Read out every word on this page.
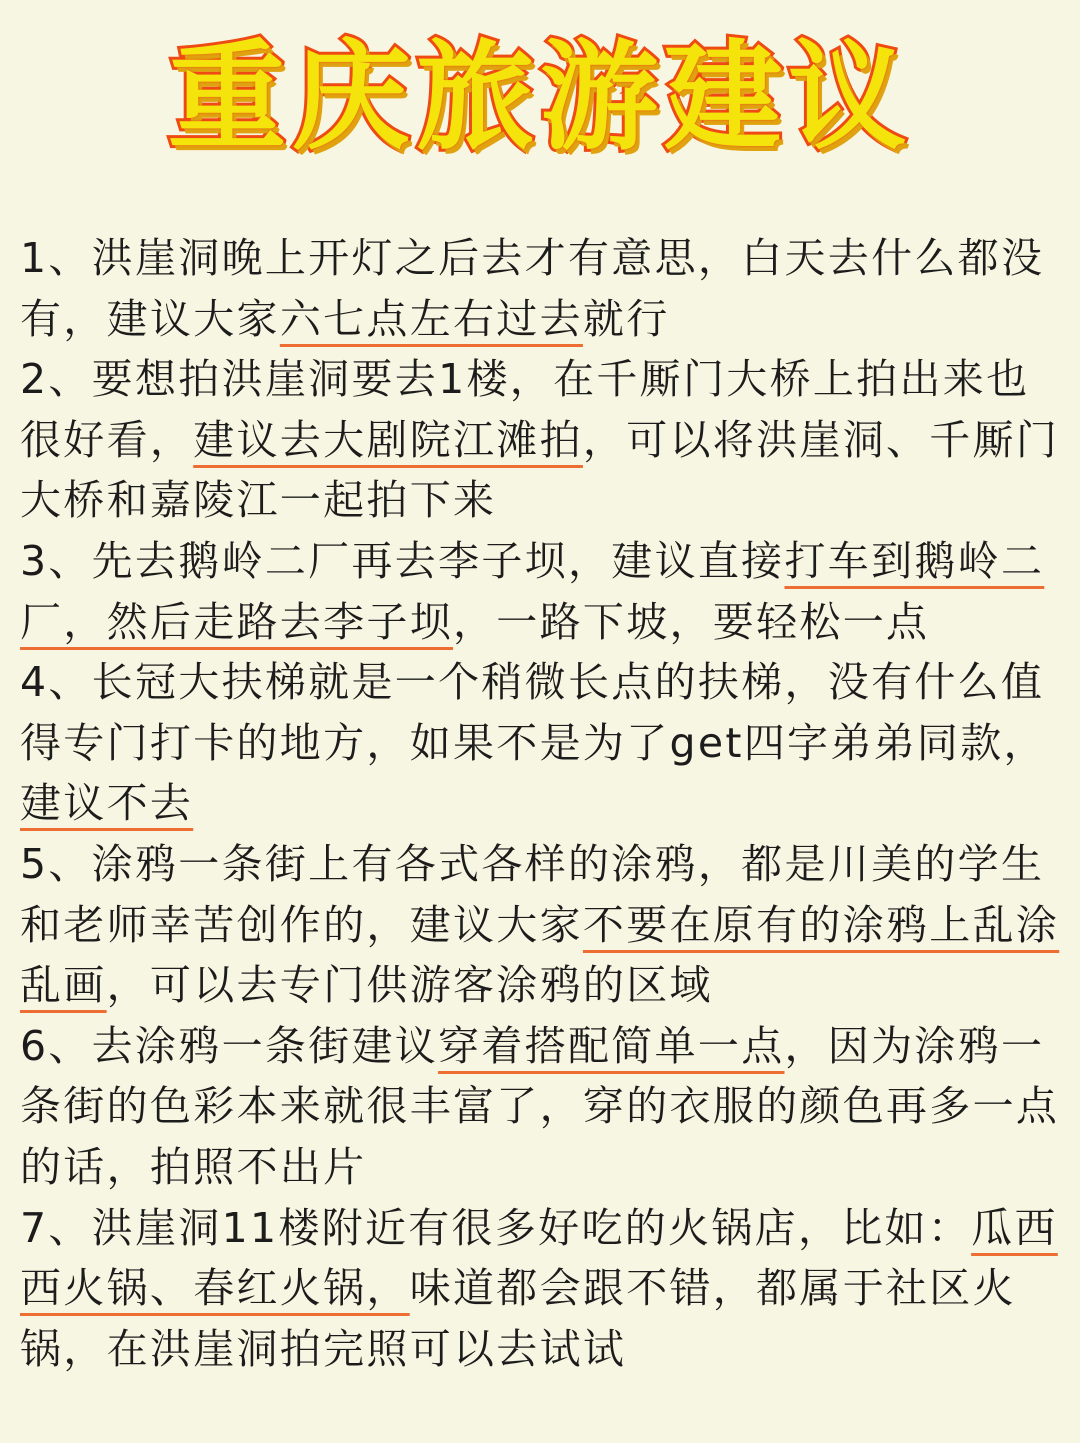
重庆旅游建议

1、洪崖洞晚上开灯之后去才有意思，白天去什么都没有，建议大家六七点左右过去就行

2、要想拍洪崖洞要去1楼，在千厮门大桥上拍出来也很好看，建议去大剧院江滩拍，可以将洪崖洞、千厮门大桥和嘉陵江一起拍下来

3、先去鹅岭二厂再去李子坝，建议直接打车到鹅岭二厂，然后走路去李子坝，一路下坡，要轻松一点

4、长冠大扶梯就是一个稍微长点的扶梯，没有什么值得专门打卡的地方，如果不是为了get四字弟弟同款，建议不去

5、涂鸦一条街上有各式各样的涂鸦，都是川美的学生和老师幸苦创作的，建议大家不要在原有的涂鸦上乱涂乱画，可以去专门供游客涂鸦的区域

6、去涂鸦一条街建议穿着搭配简单一点，因为涂鸦一条街的色彩本来就很丰富了，穿的衣服的颜色再多一点的话，拍照不出片

7、洪崖洞11楼附近有很多好吃的火锅店，比如：瓜西西火锅、春红火锅，味道都会跟不错，都属于社区火锅，在洪崖洞拍完照可以去试试
